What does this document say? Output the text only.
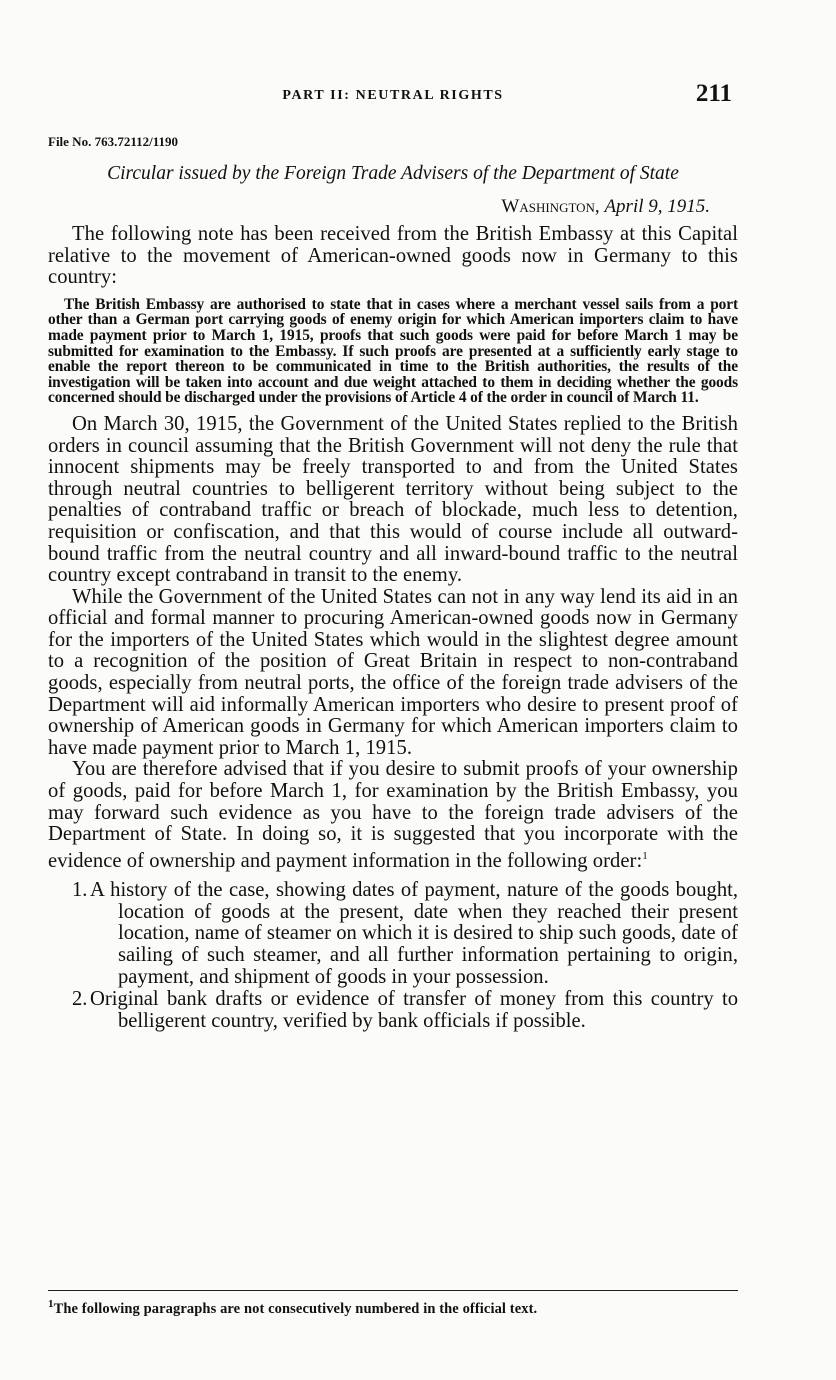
PART II: NEUTRAL RIGHTS	211
File No. 763.72112/1190
Circular issued by the Foreign Trade Advisers of the Department of State
Washington, April 9, 1915.

The following note has been received from the British Embassy at this Capital relative to the movement of American-owned goods now in Germany to this country:

The British Embassy are authorised to state that in cases where a merchant vessel sails from a port other than a German port carrying goods of enemy origin for which American importers claim to have made payment prior to March 1, 1915, proofs that such goods were paid for before March 1 may be submitted for examination to the Embassy. If such proofs are presented at a sufficiently early stage to enable the report thereon to be communicated in time to the British authorities, the results of the investigation will be taken into account and due weight attached to them in deciding whether the goods concerned should be discharged under the provisions of Article 4 of the order in council of March 11.

On March 30, 1915, the Government of the United States replied to the British orders in council assuming that the British Government will not deny the rule that innocent shipments may be freely transported to and from the United States through neutral countries to belligerent territory without being subject to the penalties of contraband traffic or breach of blockade, much less to detention, requisition or confiscation, and that this would of course include all outward-bound traffic from the neutral country and all inward-bound traffic to the neutral country except contraband in transit to the enemy.

While the Government of the United States can not in any way lend its aid in an official and formal manner to procuring American-owned goods now in Germany for the importers of the United States which would in the slightest degree amount to a recognition of the position of Great Britain in respect to non-contraband goods, especially from neutral ports, the office of the foreign trade advisers of the Department will aid informally American importers who desire to present proof of ownership of American goods in Germany for which American importers claim to have made payment prior to March 1, 1915.

You are therefore advised that if you desire to submit proofs of your ownership of goods, paid for before March 1, for examination by the British Embassy, you may forward such evidence as you have to the foreign trade advisers of the Department of State. In doing so, it is suggested that you incorporate with the evidence of ownership and payment information in the following order:$^1$

1. A history of the case, showing dates of payment, nature of the goods bought, location of goods at the present, date when they reached their present location, name of steamer on which it is desired to ship such goods, date of sailing of such steamer, and all further information pertaining to origin, payment, and shipment of goods in your possession.
2. Original bank drafts or evidence of transfer of money from this country to belligerent country, verified by bank officials if possible.
$^1$The following paragraphs are not consecutively numbered in the official text.
